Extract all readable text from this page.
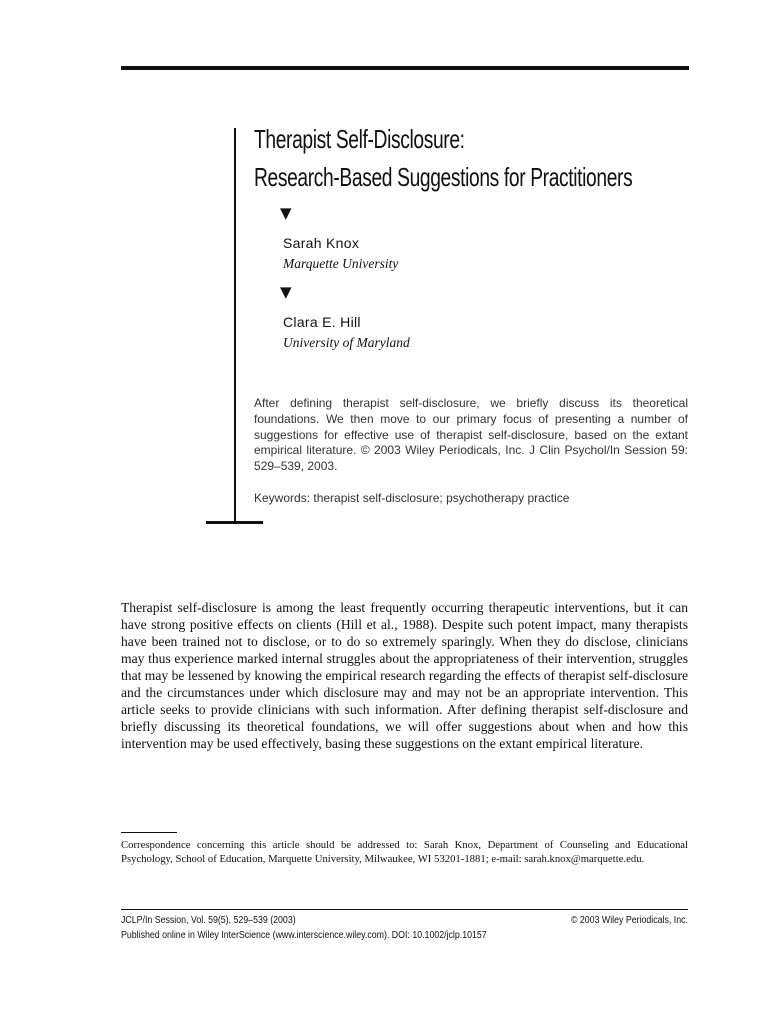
Therapist Self-Disclosure:
Research-Based Suggestions for Practitioners
▼
Sarah Knox
Marquette University
▼
Clara E. Hill
University of Maryland

After defining therapist self-disclosure, we briefly discuss its theoretical foundations. We then move to our primary focus of presenting a number of suggestions for effective use of therapist self-disclosure, based on the extant empirical literature. © 2003 Wiley Periodicals, Inc. J Clin Psychol/In Session 59: 529–539, 2003.

Keywords: therapist self-disclosure; psychotherapy practice

Therapist self-disclosure is among the least frequently occurring therapeutic interventions, but it can have strong positive effects on clients (Hill et al., 1988). Despite such potent impact, many therapists have been trained not to disclose, or to do so extremely sparingly. When they do disclose, clinicians may thus experience marked internal struggles about the appropriateness of their intervention, struggles that may be lessened by knowing the empirical research regarding the effects of therapist self-disclosure and the circumstances under which disclosure may and may not be an appropriate intervention. This article seeks to provide clinicians with such information. After defining therapist self-disclosure and briefly discussing its theoretical foundations, we will offer suggestions about when and how this intervention may be used effectively, basing these suggestions on the extant empirical literature.

Correspondence concerning this article should be addressed to: Sarah Knox, Department of Counseling and Educational Psychology, School of Education, Marquette University, Milwaukee, WI 53201-1881; e-mail: sarah.knox@marquette.edu.

JCLP/In Session, Vol. 59(5), 529–539 (2003)	© 2003 Wiley Periodicals, Inc.
Published online in Wiley InterScience (www.interscience.wiley.com). DOI: 10.1002/jclp.10157
